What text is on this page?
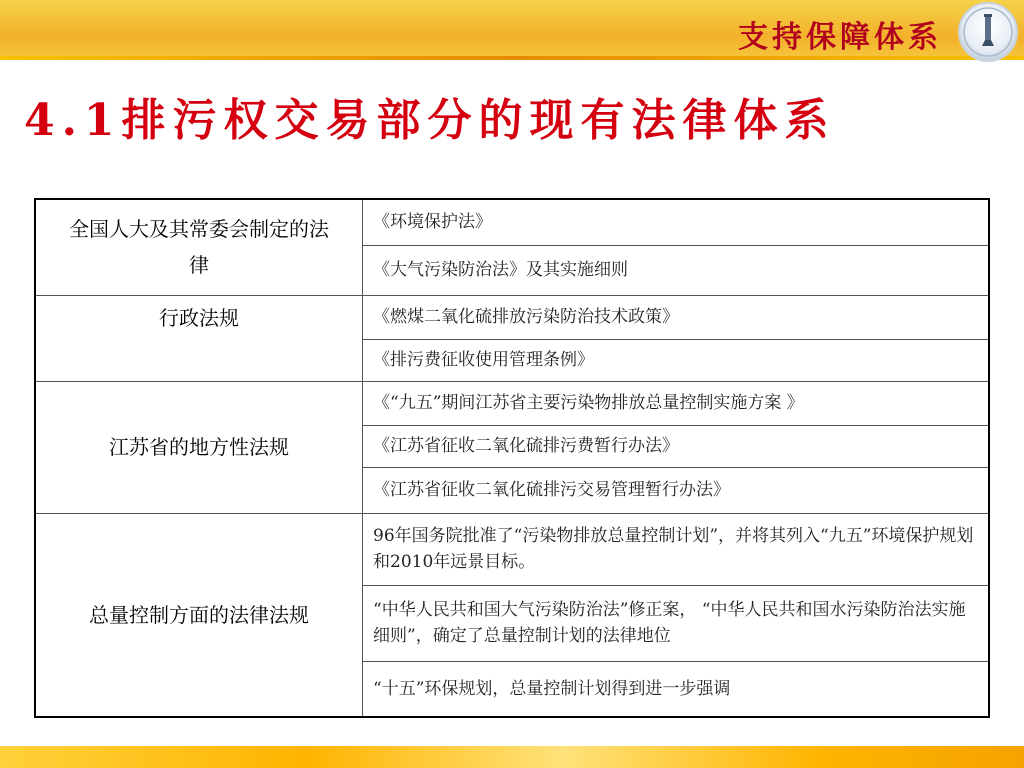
支持保障体系
4.1排污权交易部分的现有法律体系
全国人大及其常委会制定的法律	《环境保护法》
	《大气污染防治法》及其实施细则
行政法规	《燃煤二氧化硫排放污染防治技术政策》
	《排污费征收使用管理条例》
江苏省的地方性法规	《“九五”期间江苏省主要污染物排放总量控制实施方案 》
	《江苏省征收二氧化硫排污费暂行办法》
	《江苏省征收二氧化硫排污交易管理暂行办法》
总量控制方面的法律法规	96年国务院批准了“污染物排放总量控制计划”，并将其列入“九五”环境保护规划和2010年远景目标。
	“中华人民共和国大气污染防治法”修正案， “中华人民共和国水污染防治法实施细则”，确定了总量控制计划的法律地位
	“十五”环保规划，总量控制计划得到进一步强调
